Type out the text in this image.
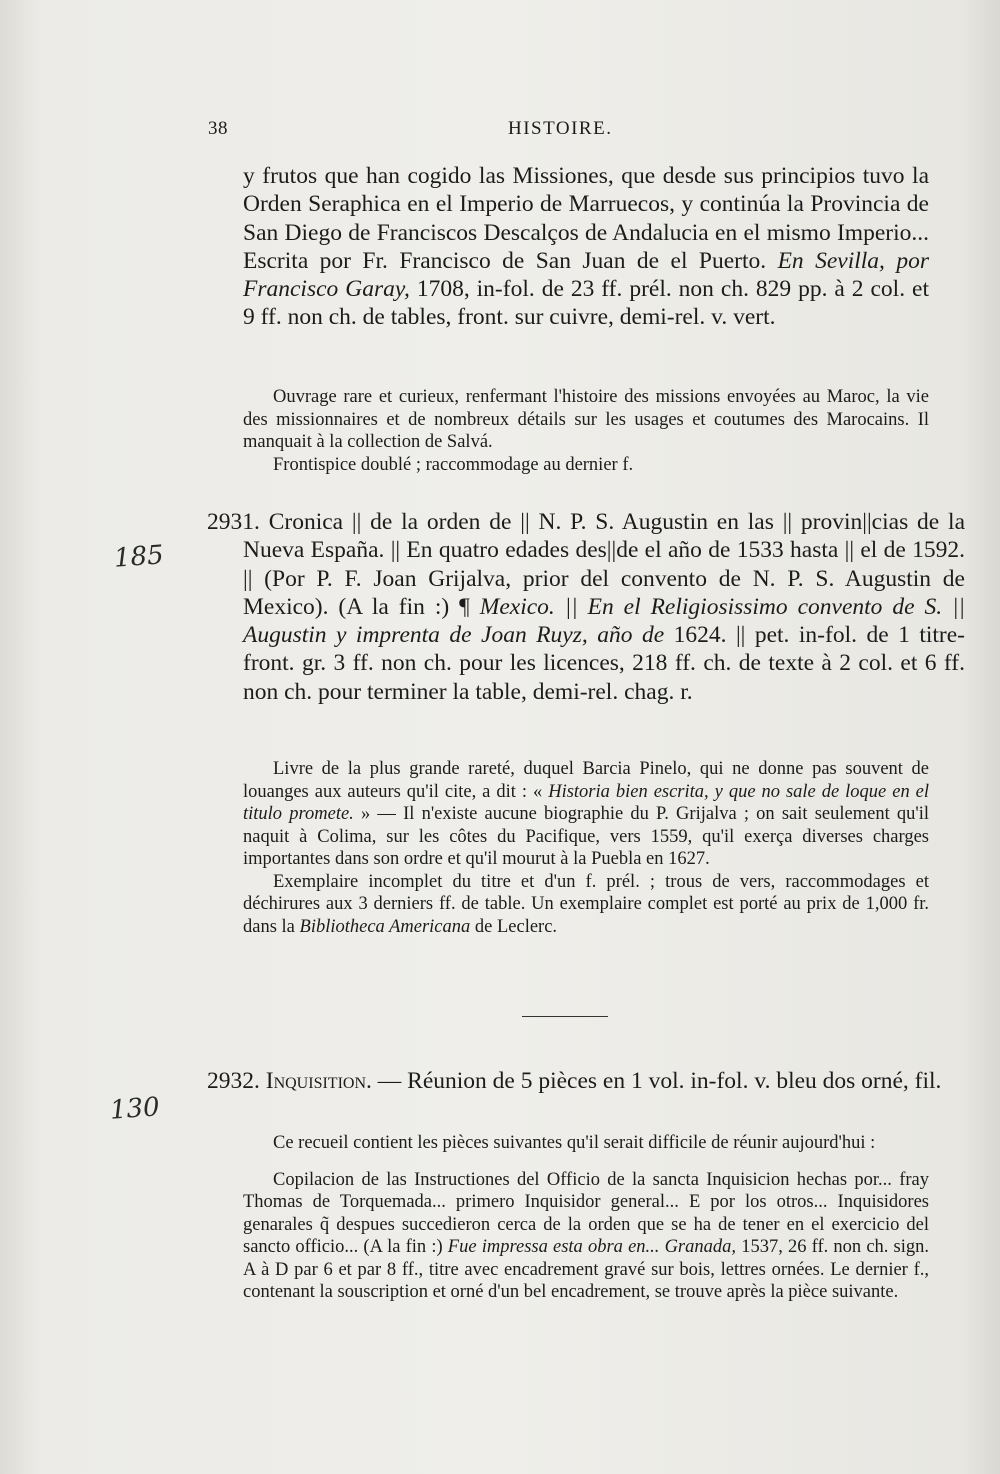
38	HISTOIRE.

y frutos que han cogido las Missiones, que desde sus principios tuvo la Orden Seraphica en el Imperio de Marruecos, y continúa la Provincia de San Diego de Franciscos Descalços de Andalucia en el mismo Imperio... Escrita por Fr. Francisco de San Juan de el Puerto. En Sevilla, por Francisco Garay, 1708, in-fol. de 23 ff. prél. non ch. 829 pp. à 2 col. et 9 ff. non ch. de tables, front. sur cuivre, demi-rel. v. vert.

Ouvrage rare et curieux, renfermant l'histoire des missions envoyées au Maroc, la vie des missionnaires et de nombreux détails sur les usages et coutumes des Marocains. Il manquait à la collection de Salvá.

Frontispice doublé ; raccommodage au dernier f.

2931. Cronica || de la orden de || N. P. S. Augustin en las || provin||cias de la Nueva España. || En quatro edades des||de el año de 1533 hasta || el de 1592. || (Por P. F. Joan Grijalva, prior del convento de N. P. S. Augustin de Mexico). (A la fin :) ¶ Mexico. || En el Religiosissimo convento de S. || Augustin y imprenta de Joan Ruyz, año de 1624. || pet. in-fol. de 1 titre-front. gr. 3 ff. non ch. pour les licences, 218 ff. ch. de texte à 2 col. et 6 ff. non ch. pour terminer la table, demi-rel. chag. r.

Livre de la plus grande rareté, duquel Barcia Pinelo, qui ne donne pas souvent de louanges aux auteurs qu'il cite, a dit : « Historia bien escrita, y que no sale de loque en el titulo promete. » — Il n'existe aucune biographie du P. Grijalva ; on sait seulement qu'il naquit à Colima, sur les côtes du Pacifique, vers 1559, qu'il exerça diverses charges importantes dans son ordre et qu'il mourut à la Puebla en 1627.

Exemplaire incomplet du titre et d'un f. prél. ; trous de vers, raccommodages et déchirures aux 3 derniers ff. de table. Un exemplaire complet est porté au prix de 1,000 fr. dans la Bibliotheca Americana de Leclerc.

2932. Inquisition. — Réunion de 5 pièces en 1 vol. in-fol. v. bleu dos orné, fil.

Ce recueil contient les pièces suivantes qu'il serait difficile de réunir aujourd'hui :

Copilacion de las Instructiones del Officio de la sancta Inquisicion hechas por... fray Thomas de Torquemada... primero Inquisidor general... E por los otros... Inquisidores genarales q̃ despues succedieron cerca de la orden que se ha de tener en el exercicio del sancto officio... (A la fin :) Fue impressa esta obra en... Granada, 1537, 26 ff. non ch. sign. A à D par 6 et par 8 ff., titre avec encadrement gravé sur bois, lettres ornées. Le dernier f., contenant la souscription et orné d'un bel encadrement, se trouve après la pièce suivante.

185
130
